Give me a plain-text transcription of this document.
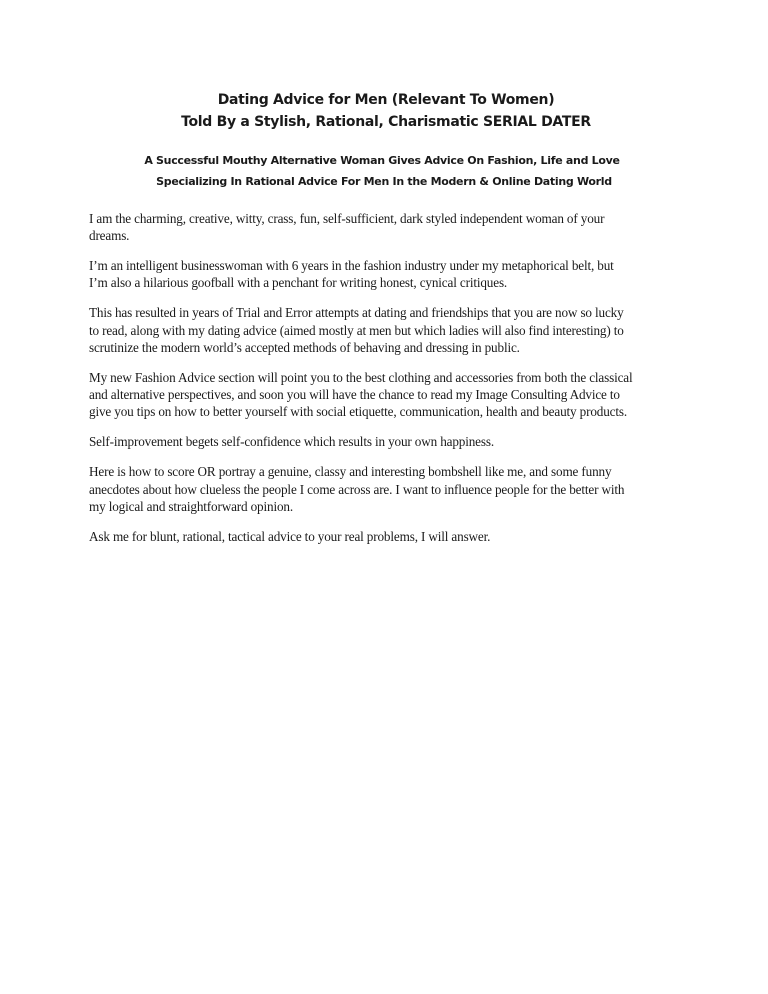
Dating Advice for Men (Relevant To Women)
Told By a Stylish, Rational, Charismatic SERIAL DATER
A Successful Mouthy Alternative Woman Gives Advice On Fashion, Life and Love
Specializing In Rational Advice For Men In the Modern & Online Dating World

I am the charming, creative, witty, crass, fun, self-sufficient, dark styled independent woman of your
dreams.

I’m an intelligent businesswoman with 6 years in the fashion industry under my metaphorical belt, but
I’m also a hilarious goofball with a penchant for writing honest, cynical critiques.

This has resulted in years of Trial and Error attempts at dating and friendships that you are now so lucky
to read, along with my dating advice (aimed mostly at men but which ladies will also find interesting) to
scrutinize the modern world’s accepted methods of behaving and dressing in public.

My new Fashion Advice section will point you to the best clothing and accessories from both the classical
and alternative perspectives, and soon you will have the chance to read my Image Consulting Advice to
give you tips on how to better yourself with social etiquette, communication, health and beauty products.

Self-improvement begets self-confidence which results in your own happiness.

Here is how to score OR portray a genuine, classy and interesting bombshell like me, and some funny
anecdotes about how clueless the people I come across are. I want to influence people for the better with
my logical and straightforward opinion.

Ask me for blunt, rational, tactical advice to your real problems, I will answer.
